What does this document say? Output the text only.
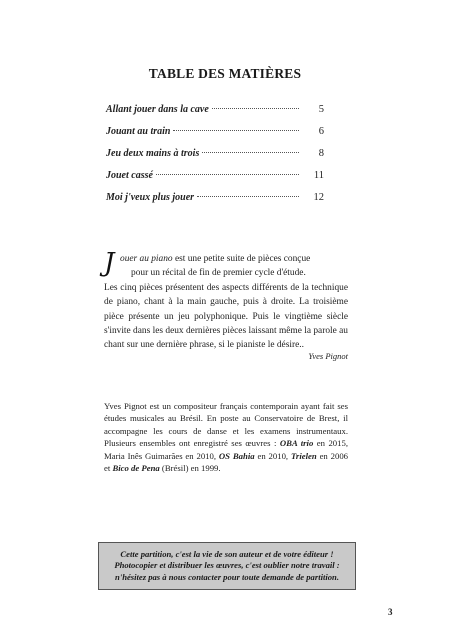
TABLE DES MATIÈRES
Allant jouer dans la cave	5
Jouant au train	6
Jeu deux mains à trois	8
Jouet cassé	11
Moi j'veux plus jouer	12
J ouer au piano est une petite suite de pièces conçue
pour un récital de fin de premier cycle d'étude.
Les cinq pièces présentent des aspects différents de la technique de piano, chant à la main gauche, puis à droite. La troisième pièce présente un jeu polyphonique. Puis le vingtième siècle s'invite dans les deux dernières pièces laissant même la parole au chant sur une dernière phrase, si le pianiste le désire..
Yves Pignot
Yves Pignot est un compositeur français contemporain ayant fait ses études musicales au Brésil. En poste au Conservatoire de Brest, il accompagne les cours de danse et les examens instrumentaux. Plusieurs ensembles ont enregistré ses œuvres : OBA trio en 2015, Maria Inês Guimarães en 2010, OS Bahia en 2010, Trielen en 2006 et Bico de Pena (Brésil) en 1999.
Cette partition, c'est la vie de son auteur et de votre éditeur !
Photocopier et distribuer les œuvres, c'est oublier notre travail :
n'hésitez pas à nous contacter pour toute demande de partition.
3
